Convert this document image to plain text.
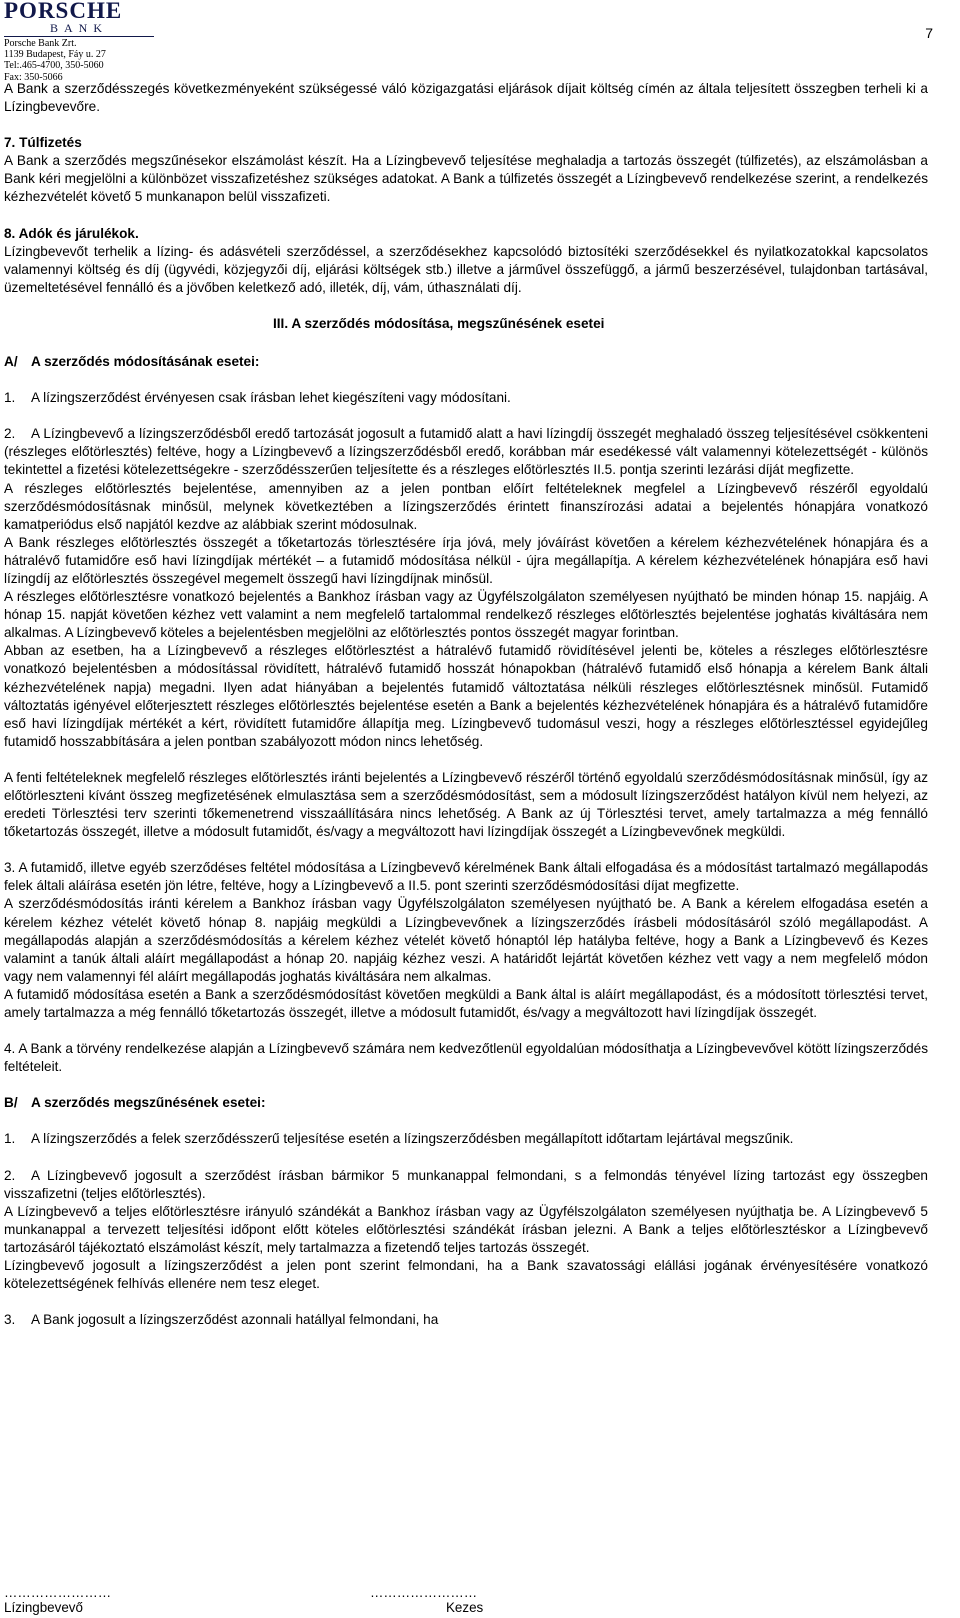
PORSCHE
BANK
Porsche Bank Zrt.
1139 Budapest, Fáy u. 27
Tel:.465-4700, 350-5060
Fax: 350-5066
7

A Bank a szerződésszegés következményeként szükségessé váló közigazgatási eljárások díjait költség címén az általa teljesített összegben terheli ki a Lízingbevevőre.

7. Túlfizetés

A Bank a szerződés megszűnésekor elszámolást készít. Ha a Lízingbevevő teljesítése meghaladja a tartozás összegét (túlfizetés), az elszámolásban a Bank kéri megjelölni a különbözet visszafizetéshez szükséges adatokat. A Bank a túlfizetés összegét a Lízingbevevő rendelkezése szerint, a rendelkezés kézhezvételét követő 5 munkanapon belül visszafizeti.

8. Adók és járulékok.

Lízingbevevőt terhelik a lízing- és adásvételi szerződéssel, a szerződésekhez kapcsolódó biztosítéki szerződésekkel és nyilatkozatokkal kapcsolatos valamennyi költség és díj (ügyvédi, közjegyzői díj, eljárási költségek stb.) illetve a járművel összefüggő, a jármű beszerzésével, tulajdonban tartásával, üzemeltetésével fennálló és a jövőben keletkező adó, illeték, díj, vám, úthasználati díj.

III. A szerződés módosítása, megszűnésének esetei

A/ A szerződés módosításának esetei:

1. A lízingszerződést érvényesen csak írásban lehet kiegészíteni vagy módosítani.

2. A Lízingbevevő a lízingszerződésből eredő tartozását jogosult a futamidő alatt a havi lízingdíj összegét meghaladó összeg teljesítésével csökkenteni (részleges előtörlesztés) feltéve, hogy a Lízingbevevő a lízingszerződésből eredő, korábban már esedékessé vált valamennyi kötelezettségét - különös tekintettel a fizetési kötelezettségekre - szerződésszerűen teljesítette és a részleges előtörlesztés II.5. pontja szerinti lezárási díját megfizette.

A részleges előtörlesztés bejelentése, amennyiben az a jelen pontban előírt feltételeknek megfelel a Lízingbevevő részéről egyoldalú szerződésmódosításnak minősül, melynek következtében a lízingszerződés érintett finanszírozási adatai a bejelentés hónapjára vonatkozó kamatperiódus első napjától kezdve az alábbiak szerint módosulnak.

A Bank részleges előtörlesztés összegét a tőketartozás törlesztésére írja jóvá, mely jóváírást követően a kérelem kézhezvételének hónapjára és a hátralévő futamidőre eső havi lízingdíjak mértékét – a futamidő módosítása nélkül - újra megállapítja. A kérelem kézhezvételének hónapjára eső havi lízingdíj az előtörlesztés összegével megemelt összegű havi lízingdíjnak minősül.

A részleges előtörlesztésre vonatkozó bejelentés a Bankhoz írásban vagy az Ügyfélszolgálaton személyesen nyújtható be minden hónap 15. napjáig. A hónap 15. napját követően kézhez vett valamint a nem megfelelő tartalommal rendelkező részleges előtörlesztés bejelentése joghatás kiváltására nem alkalmas. A Lízingbevevő köteles a bejelentésben megjelölni az előtörlesztés pontos összegét magyar forintban.

Abban az esetben, ha a Lízingbevevő a részleges előtörlesztést a hátralévő futamidő rövidítésével jelenti be, köteles a részleges előtörlesztésre vonatkozó bejelentésben a módosítással rövidített, hátralévő futamidő hosszát hónapokban (hátralévő futamidő első hónapja a kérelem Bank általi kézhezvételének napja) megadni. Ilyen adat hiányában a bejelentés futamidő változtatása nélküli részleges előtörlesztésnek minősül. Futamidő változtatás igényével előterjesztett részleges előtörlesztés bejelentése esetén a Bank a bejelentés kézhezvételének hónapjára és a hátralévő futamidőre eső havi lízingdíjak mértékét a kért, rövidített futamidőre állapítja meg. Lízingbevevő tudomásul veszi, hogy a részleges előtörlesztéssel egyidejűleg futamidő hosszabbítására a jelen pontban szabályozott módon nincs lehetőség.

A fenti feltételeknek megfelelő részleges előtörlesztés iránti bejelentés a Lízingbevevő részéről történő egyoldalú szerződésmódosításnak minősül, így az előtörleszteni kívánt összeg megfizetésének elmulasztása sem a szerződésmódosítást, sem a módosult lízingszerződést hatályon kívül nem helyezi, az eredeti Törlesztési terv szerinti tőkemenetrend visszaállítására nincs lehetőség. A Bank az új Törlesztési tervet, amely tartalmazza a még fennálló tőketartozás összegét, illetve a módosult futamidőt, és/vagy a megváltozott havi lízingdíjak összegét a Lízingbevevőnek megküldi.

3. A futamidő, illetve egyéb szerződéses feltétel módosítása a Lízingbevevő kérelmének Bank általi elfogadása és a módosítást tartalmazó megállapodás felek általi aláírása esetén jön létre, feltéve, hogy a Lízingbevevő a II.5. pont szerinti szerződésmódosítási díjat megfizette.

A szerződésmódosítás iránti kérelem a Bankhoz írásban vagy Ügyfélszolgálaton személyesen nyújtható be. A Bank a kérelem elfogadása esetén a kérelem kézhez vételét követő hónap 8. napjáig megküldi a Lízingbevevőnek a lízingszerződés írásbeli módosításáról szóló megállapodást. A megállapodás alapján a szerződésmódosítás a kérelem kézhez vételét követő hónaptól lép hatályba feltéve, hogy a Bank a Lízingbevevő és Kezes valamint a tanúk általi aláírt megállapodást a hónap 20. napjáig kézhez veszi. A határidőt lejártát követően kézhez vett vagy a nem megfelelő módon vagy nem valamennyi fél aláírt megállapodás joghatás kiváltására nem alkalmas.

A futamidő módosítása esetén a Bank a szerződésmódosítást követően megküldi a Bank által is aláírt megállapodást, és a módosított törlesztési tervet, amely tartalmazza a még fennálló tőketartozás összegét, illetve a módosult futamidőt, és/vagy a megváltozott havi lízingdíjak összegét.

4. A Bank a törvény rendelkezése alapján a Lízingbevevő számára nem kedvezőtlenül egyoldalúan módosíthatja a Lízingbevevővel kötött lízingszerződés feltételeit.

B/ A szerződés megszűnésének esetei:

1. A lízingszerződés a felek szerződésszerű teljesítése esetén a lízingszerződésben megállapított időtartam lejártával megszűnik.

2. A Lízingbevevő jogosult a szerződést írásban bármikor 5 munkanappal felmondani, s a felmondás tényével lízing tartozást egy összegben visszafizetni (teljes előtörlesztés).

A Lízingbevevő a teljes előtörlesztésre irányuló szándékát a Bankhoz írásban vagy az Ügyfélszolgálaton személyesen nyújthatja be. A Lízingbevevő 5 munkanappal a tervezett teljesítési időpont előtt köteles előtörlesztési szándékát írásban jelezni. A Bank a teljes előtörlesztéskor a Lízingbevevő tartozásáról tájékoztató elszámolást készít, mely tartalmazza a fizetendő teljes tartozás összegét.

Lízingbevevő jogosult a lízingszerződést a jelen pont szerint felmondani, ha a Bank szavatossági elállási jogának érvényesítésére vonatkozó kötelezettségének felhívás ellenére nem tesz eleget.

3. A Bank jogosult a lízingszerződést azonnali hatállyal felmondani, ha

……………………
Lízingbevevő
……………………
Kezes
